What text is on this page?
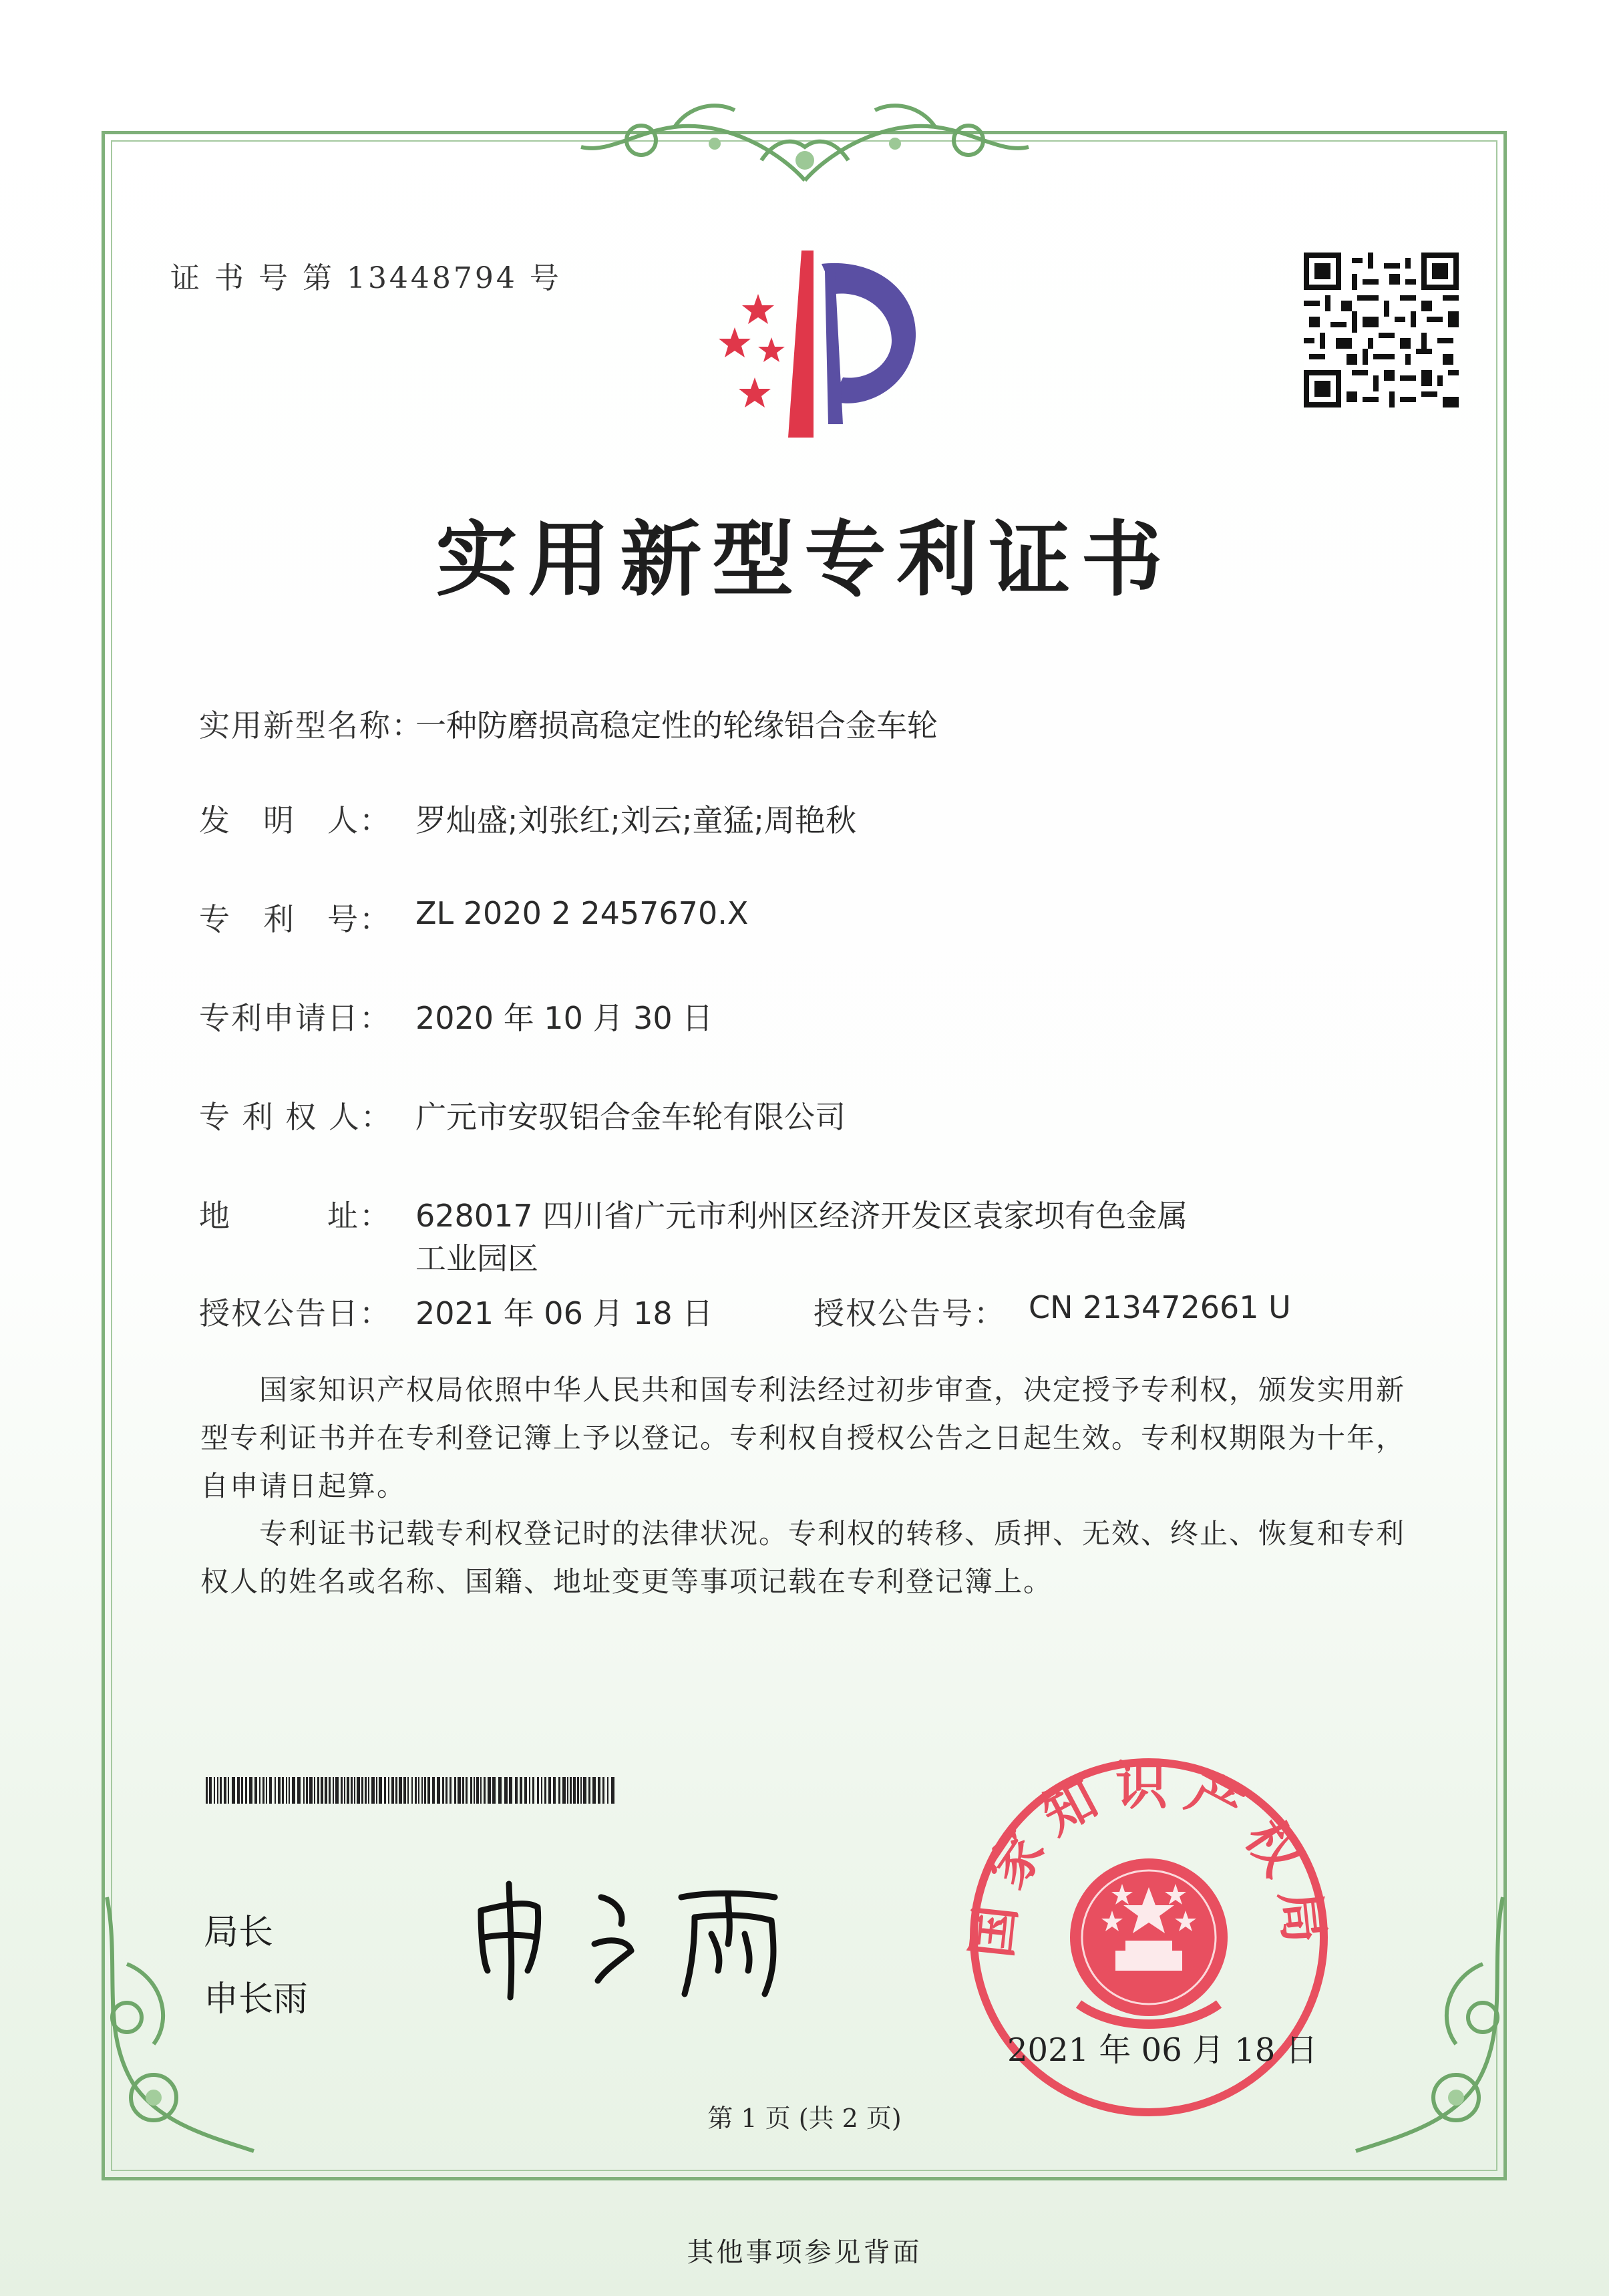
证 书 号 第 13448794 号
实用新型专利证书
实用新型名称：
一种防磨损高稳定性的轮缘铝合金车轮
发　明　人： 罗灿盛;刘张红;刘云;童猛;周艳秋
专　利　号： ZL 2020 2 2457670.X
专利申请日： 2020 年 10 月 30 日
专 利 权 人： 广元市安驭铝合金车轮有限公司
地　　　址： 628017 四川省广元市利州区经济开发区袁家坝有色金属
工业园区
授权公告日： 2021 年 06 月 18 日	授权公告号： CN 213472661 U
国家知识产权局依照中华人民共和国专利法经过初步审查，决定授予专利权，颁发实用新型专利证书并在专利登记簿上予以登记。专利权自授权公告之日起生效。专利权期限为十年，自申请日起算。
专利证书记载专利权登记时的法律状况。专利权的转移、质押、无效、终止、恢复和专利权人的姓名或名称、国籍、地址变更等事项记载在专利登记簿上。
局长
申长雨
国家知识产权局
2021 年 06 月 18 日
第 1 页 (共 2 页)
其他事项参见背面
